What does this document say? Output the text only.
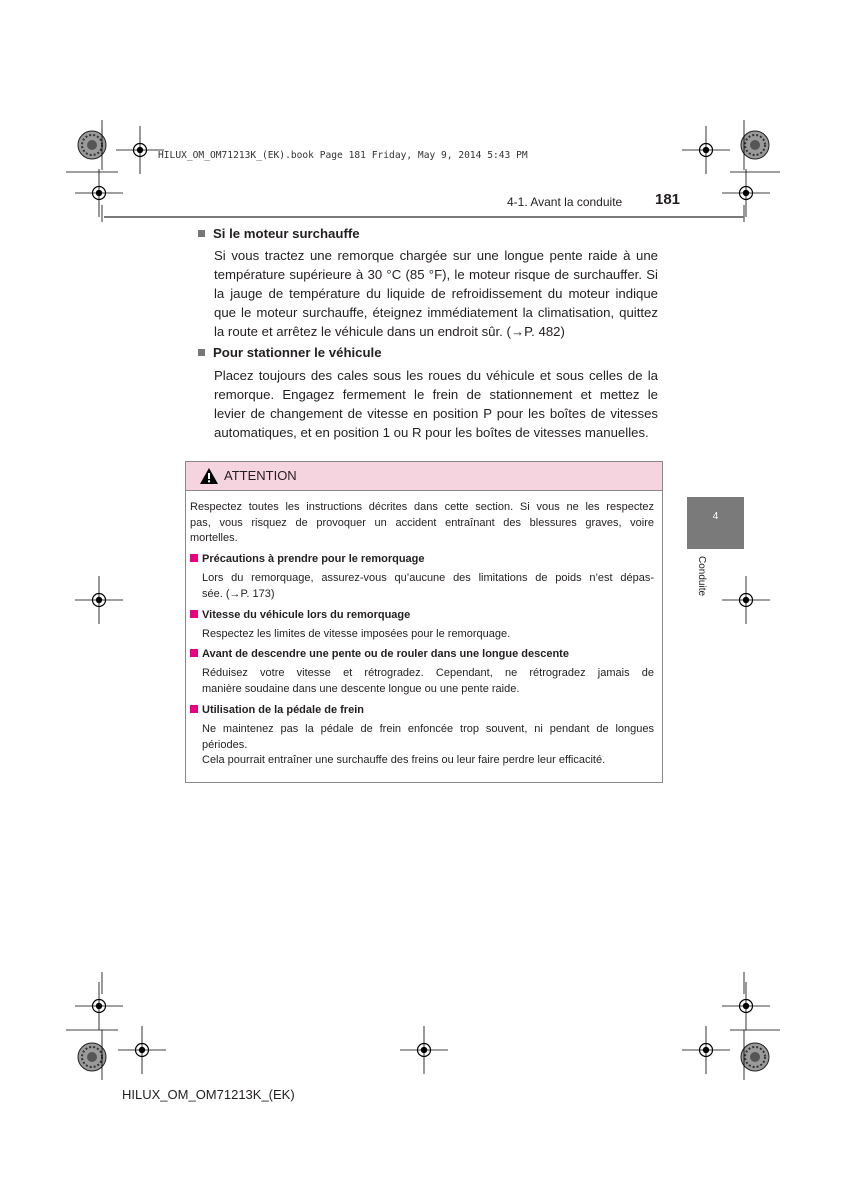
HILUX_OM_OM71213K_(EK).book Page 181 Friday, May 9, 2014 5:43 PM
4-1. Avant la conduite 181
Si le moteur surchauffe
Si vous tractez une remorque chargée sur une longue pente raide à une
température supérieure à 30 °C (85 °F), le moteur risque de surchauffer. Si
la jauge de température du liquide de refroidissement du moteur indique
que le moteur surchauffe, éteignez immédiatement la climatisation, quittez
la route et arrêtez le véhicule dans un endroit sûr. (→P. 482)
Pour stationner le véhicule
Placez toujours des cales sous les roues du véhicule et sous celles de la
remorque. Engagez fermement le frein de stationnement et mettez le
levier de changement de vitesse en position P pour les boîtes de vitesses
automatiques, et en position 1 ou R pour les boîtes de vitesses manuelles.
4
Conduite
ATTENTION
Respectez toutes les instructions décrites dans cette section. Si vous ne les respectez
pas, vous risquez de provoquer un accident entraînant des blessures graves, voire
mortelles.
Précautions à prendre pour le remorquage
Lors du remorquage, assurez-vous qu’aucune des limitations de poids n’est dépas-
sée. (→P. 173)
Vitesse du véhicule lors du remorquage
Respectez les limites de vitesse imposées pour le remorquage.
Avant de descendre une pente ou de rouler dans une longue descente
Réduisez votre vitesse et rétrogradez. Cependant, ne rétrogradez jamais de
manière soudaine dans une descente longue ou une pente raide.
Utilisation de la pédale de frein
Ne maintenez pas la pédale de frein enfoncée trop souvent, ni pendant de longues
périodes.
Cela pourrait entraîner une surchauffe des freins ou leur faire perdre leur efficacité.
HILUX_OM_OM71213K_(EK)
